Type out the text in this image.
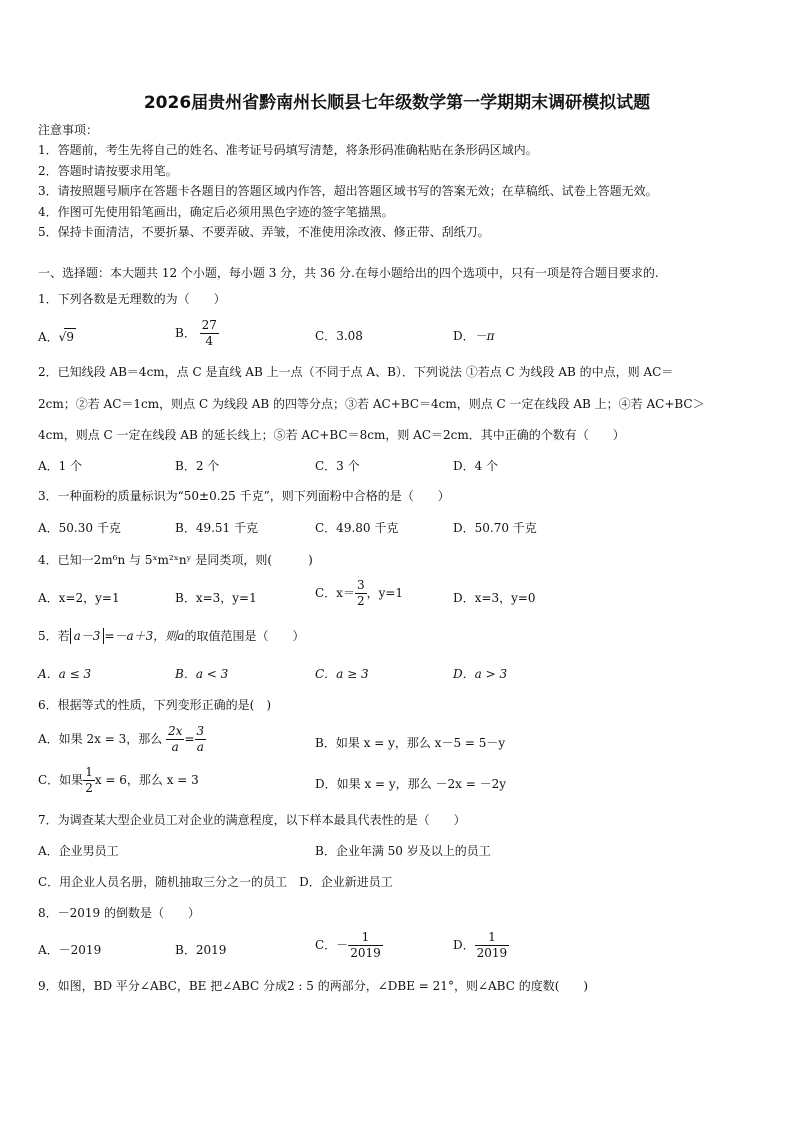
2026届贵州省黔南州长顺县七年级数学第一学期期末调研模拟试题
注意事项：
1．答题前，考生先将自己的姓名、准考证号码填写清楚，将条形码准确粘贴在条形码区域内。
2．答题时请按要求用笔。
3．请按照题号顺序在答题卡各题目的答题区域内作答，超出答题区域书写的答案无效；在草稿纸、试卷上答题无效。
4．作图可先使用铅笔画出，确定后必须用黑色字迹的签字笔描黑。
5．保持卡面清洁，不要折暴、不要弄破、弄皱，不准使用涂改液、修正带、刮纸刀。
一、选择题：本大题共 12 个小题，每小题 3 分，共 36 分.在每小题给出的四个选项中，只有一项是符合题目要求的.
1．下列各数是无理数的为（　　）
A．√9	B． $\frac{27}{4}$	C．3.0̇8̇	D．－π
2．已知线段 AB＝4cm，点 C 是直线 AB 上一点（不同于点 A、B）．下列说法 ①若点 C 为线段 AB 的中点，则 AC＝
2cm；②若 AC＝1cm，则点 C 为线段 AB 的四等分点；③若 AC+BC＝4cm，则点 C 一定在线段 AB 上；④若 AC+BC＞
4cm，则点 C 一定在线段 AB 的延长线上；⑤若 AC+BC＝8cm，则 AC＝2cm．其中正确的个数有（　　）
A．1 个	B．2 个	C．3 个	D．4 个
3．一种面粉的质量标识为“50±0.25 千克”，则下列面粉中合格的是（　　）
A．50.30 千克	B．49.51 千克	C．49.80 千克	D．50.70 千克
4．已知一2m⁶n 与 5ˣm²ˣnʸ 是同类项，则(　　　)
A．x=2，y=1	B．x=3，y=1	C．$x= \frac{3}{2}$ ，y=1	D．x=3，y=0
5．若 a－3 =－a＋3，则a的取值范围是（　　）
A．a ≤ 3	B．a < 3	C．a ≥ 3	D．a > 3
6．根据等式的性质，下列变形正确的是(　)
A．如果 2x = 3，那么 $\frac{2x}{a} = \frac{3}{a}$	B．如果 x = y，那么 x－5 = 5－y
C．如果 $\frac{1}{2}$ x = 6，那么 x = 3	D．如果 x = y，那么 －2x = －2y
7．为调查某大型企业员工对企业的满意程度，以下样本最具代表性的是（　　）
A．企业男员工	B．企业年满 50 岁及以上的员工
C．用企业人员名册，随机抽取三分之一的员工　D．企业新进员工
8．－2019 的倒数是（　　）
A．－2019	B．2019	C．－ $\frac{1}{2019}$	D． $\frac{1}{2019}$
9．如图，BD 平分∠ABC，BE 把∠ABC 分成2 : 5 的两部分，∠DBE = 21°，则∠ABC 的度数(　　)
